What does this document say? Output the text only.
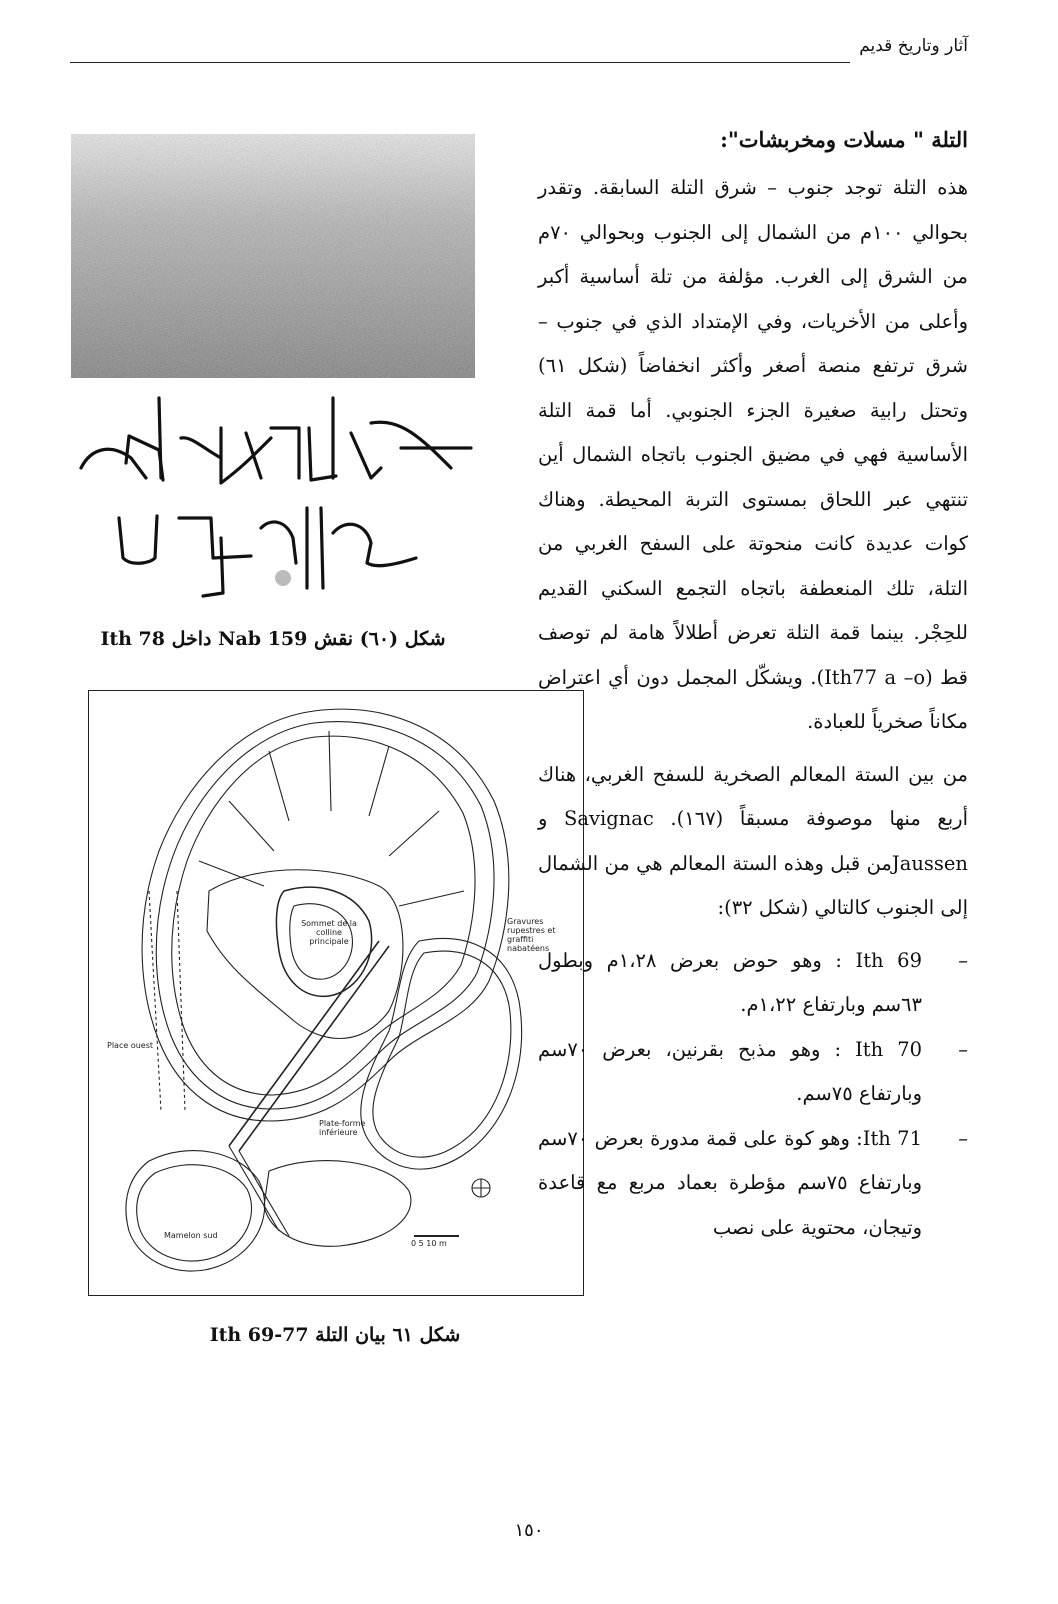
آثار وتاريخ قديم
شكل (٦٠) نقش Nab 159 داخل Ith 78
Sommet de la colline principale
Plate-forme inférieure
Mamelon sud
Place ouest
Gravures rupestres et graffiti nabatéens
0 5 10 m
شكل ٦١ بيان التلة Ith 69-77
التلة " مسلات ومخربشات":

هذه التلة توجد جنوب – شرق التلة السابقة. وتقدر بحوالي ١٠٠م من الشمال إلى الجنوب وبحوالي ٧٠م من الشرق إلى الغرب. مؤلفة من تلة أساسية أكبر وأعلى من الأخريات، وفي الإمتداد الذي في جنوب – شرق ترتفع منصة أصغر وأكثر انخفاضاً (شكل ٦١) وتحتل رابية صغيرة الجزء الجنوبي. أما قمة التلة الأساسية فهي في مضيق الجنوب باتجاه الشمال أين تنتهي عبر اللحاق بمستوى التربة المحيطة. وهناك كوات عديدة كانت منحوتة على السفح الغربي من التلة، تلك المنعطفة باتجاه التجمع السكني القديم للحِجْر. بينما قمة التلة تعرض أطلالاً هامة لم توصف قط (Ith77 a –o). ويشكّل المجمل دون أي اعتراض مكاناً صخرياً للعبادة.

من بين الستة المعالم الصخرية للسفح الغربي، هناك أربع منها موصوفة مسبقاً (١٦٧). Savignac و Jaussenمن قبل وهذه الستة المعالم هي من الشمال إلى الجنوب كالتالي (شكل ٣٢):

–
Ith 69 : وهو حوض بعرض ١،٢٨م وبطول ٦٣سم وبارتفاع ١،٢٢م.
–
Ith 70 : وهو مذبح بقرنين، بعرض ٧٠سم وبارتفاع ٧٥سم.
–
Ith 71: وهو كوة على قمة مدورة بعرض ٧٠سم وبارتفاع ٧٥سم مؤطرة بعماد مربع مع قاعدة وتيجان، محتوية على نصب
١٥٠
